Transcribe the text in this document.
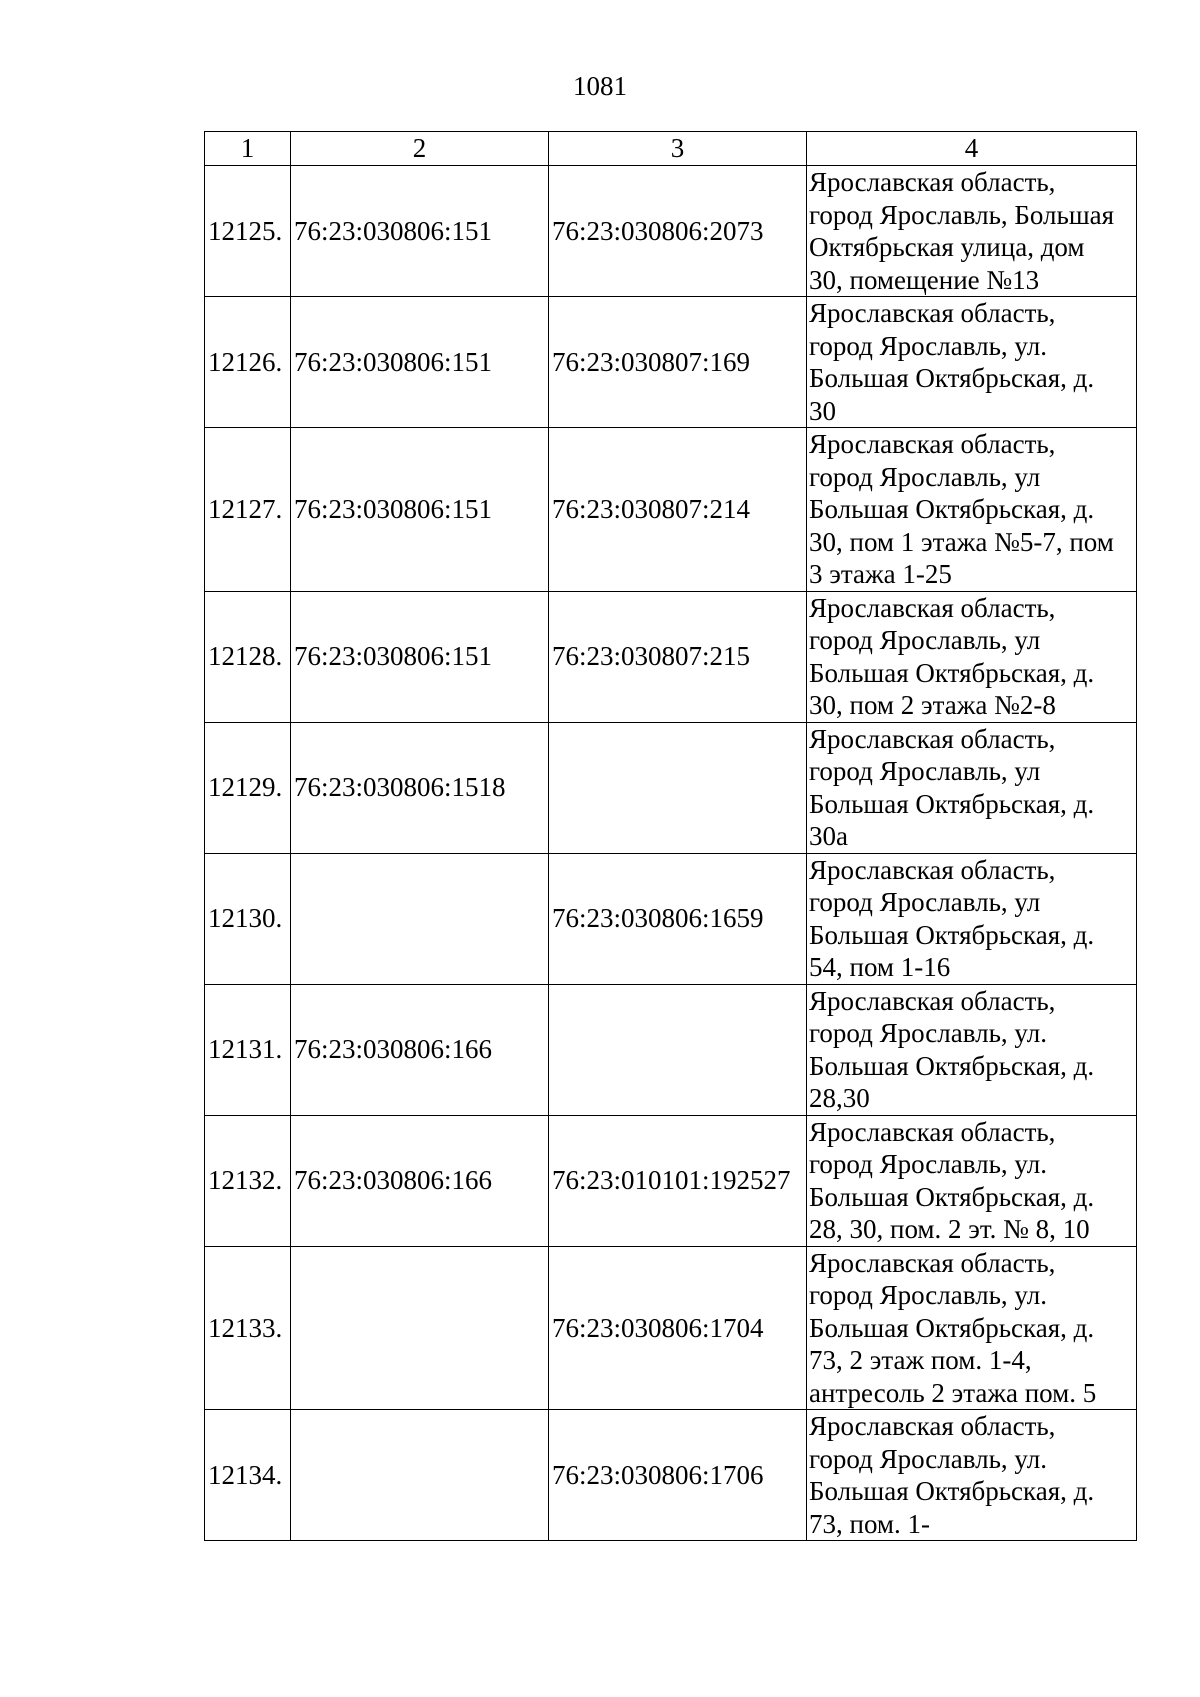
1081
1	2	3	4
12125.	76:23:030806:151	76:23:030806:2073	Ярославская область,
город Ярославль, Большая
Октябрьская улица, дом
30, помещение №13

12126.	76:23:030806:151	76:23:030807:169	Ярославская область,
город Ярославль, ул.
Большая Октябрьская, д.
30

12127.	76:23:030806:151	76:23:030807:214	Ярославская область,
город Ярославль, ул
Большая Октябрьская, д.
30, пом 1 этажа №5-7, пом
3 этажа 1-25

12128.	76:23:030806:151	76:23:030807:215	Ярославская область,
город Ярославль, ул
Большая Октябрьская, д.
30, пом 2 этажа №2-8

12129.	76:23:030806:1518		Ярославская область,
город Ярославль, ул
Большая Октябрьская, д.
30а

12130.		76:23:030806:1659	Ярославская область,
город Ярославль, ул
Большая Октябрьская, д.
54, пом 1-16

12131.	76:23:030806:166		Ярославская область,
город Ярославль, ул.
Большая Октябрьская, д.
28,30

12132.	76:23:030806:166	76:23:010101:192527	Ярославская область,
город Ярославль, ул.
Большая Октябрьская, д.
28, 30, пом. 2 эт. № 8, 10

12133.		76:23:030806:1704	Ярославская область,
город Ярославль, ул.
Большая Октябрьская, д.
73, 2 этаж пом. 1-4,
антресоль 2 этажа пом. 5

12134.		76:23:030806:1706	Ярославская область,
город Ярославль, ул.
Большая Октябрьская, д.
73, пом. 1-
